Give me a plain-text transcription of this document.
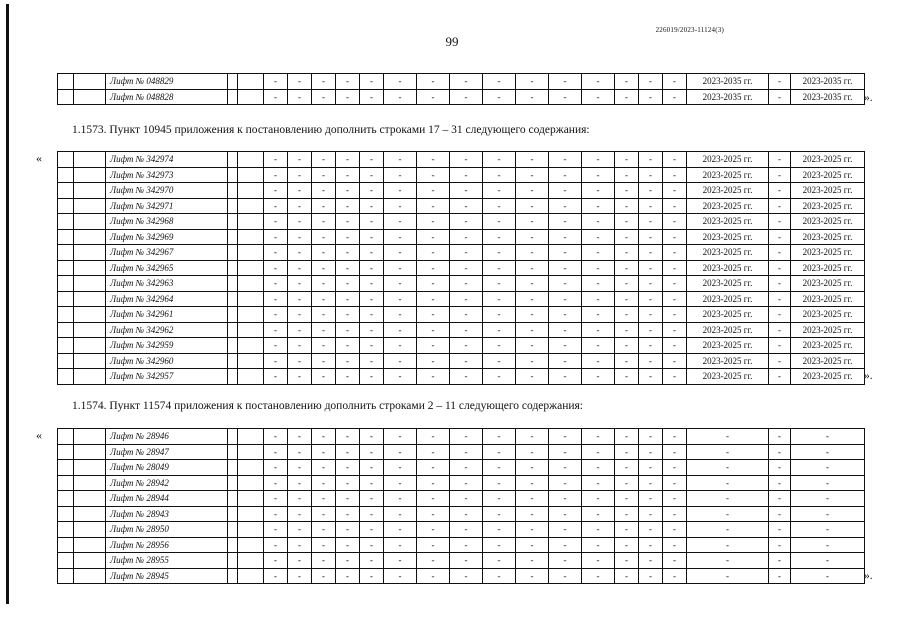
226019/2023-11124(3)
99
		Лифт № 048829			-	-	-	-	-	-	-	-	-	-	-	-	-	-	-	2023-2035 гг.	-	2023-2035 гг.
		Лифт № 048828			-	-	-	-	-	-	-	-	-	-	-	-	-	-	-	2023-2035 гг.	-	2023-2035 гг. ».
1.1573. Пункт 10945 приложения к постановлению дополнить строками 17 – 31 следующего содержания:
«
			Лифт № 342974			-	-	-	-	-	-	-	-	-	-	-	-	-	-	-	2023-2025 гг.	-	2023-2025 гг.
		Лифт № 342973			-	-	-	-	-	-	-	-	-	-	-	-	-	-	-	2023-2025 гг.	-	2023-2025 гг.
		Лифт № 342970			-	-	-	-	-	-	-	-	-	-	-	-	-	-	-	2023-2025 гг.	-	2023-2025 гг.
		Лифт № 342971			-	-	-	-	-	-	-	-	-	-	-	-	-	-	-	2023-2025 гг.	-	2023-2025 гг.
		Лифт № 342968			-	-	-	-	-	-	-	-	-	-	-	-	-	-	-	2023-2025 гг.	-	2023-2025 гг.
		Лифт № 342969			-	-	-	-	-	-	-	-	-	-	-	-	-	-	-	2023-2025 гг.	-	2023-2025 гг.
		Лифт № 342967			-	-	-	-	-	-	-	-	-	-	-	-	-	-	-	2023-2025 гг.	-	2023-2025 гг.
		Лифт № 342965			-	-	-	-	-	-	-	-	-	-	-	-	-	-	-	2023-2025 гг.	-	2023-2025 гг.
		Лифт № 342963			-	-	-	-	-	-	-	-	-	-	-	-	-	-	-	2023-2025 гг.	-	2023-2025 гг.
		Лифт № 342964			-	-	-	-	-	-	-	-	-	-	-	-	-	-	-	2023-2025 гг.	-	2023-2025 гг.
		Лифт № 342961			-	-	-	-	-	-	-	-	-	-	-	-	-	-	-	2023-2025 гг.	-	2023-2025 гг.
		Лифт № 342962			-	-	-	-	-	-	-	-	-	-	-	-	-	-	-	2023-2025 гг.	-	2023-2025 гг.
		Лифт № 342959			-	-	-	-	-	-	-	-	-	-	-	-	-	-	-	2023-2025 гг.	-	2023-2025 гг.
		Лифт № 342960			-	-	-	-	-	-	-	-	-	-	-	-	-	-	-	2023-2025 гг.	-	2023-2025 гг.
		Лифт № 342957			-	-	-	-	-	-	-	-	-	-	-	-	-	-	-	2023-2025 гг.	-	2023-2025 гг. ».
1.1574. Пункт 11574 приложения к постановлению дополнить строками 2 – 11 следующего содержания:
«
			Лифт № 28946			-	-	-	-	-	-	-	-	-	-	-	-	-	-	-	-	-	-
		Лифт № 28947			-	-	-	-	-	-	-	-	-	-	-	-	-	-	-	-	-	-
		Лифт № 28049			-	-	-	-	-	-	-	-	-	-	-	-	-	-	-	-	-	-
		Лифт № 28942			-	-	-	-	-	-	-	-	-	-	-	-	-	-	-	-	-	-
		Лифт № 28944			-	-	-	-	-	-	-	-	-	-	-	-	-	-	-	-	-	-
		Лифт № 28943			-	-	-	-	-	-	-	-	-	-	-	-	-	-	-	-	-	-
		Лифт № 28950			-	-	-	-	-	-	-	-	-	-	-	-	-	-	-	-	-	-
		Лифт № 28956			-	-	-	-	-	-	-	-	-	-	-	-	-	-	-	-	-	-
		Лифт № 28955			-	-	-	-	-	-	-	-	-	-	-	-	-	-	-	-	-	-
		Лифт № 28945			-	-	-	-	-	-	-	-	-	-	-	-	-	-	-	-	-	-	».
